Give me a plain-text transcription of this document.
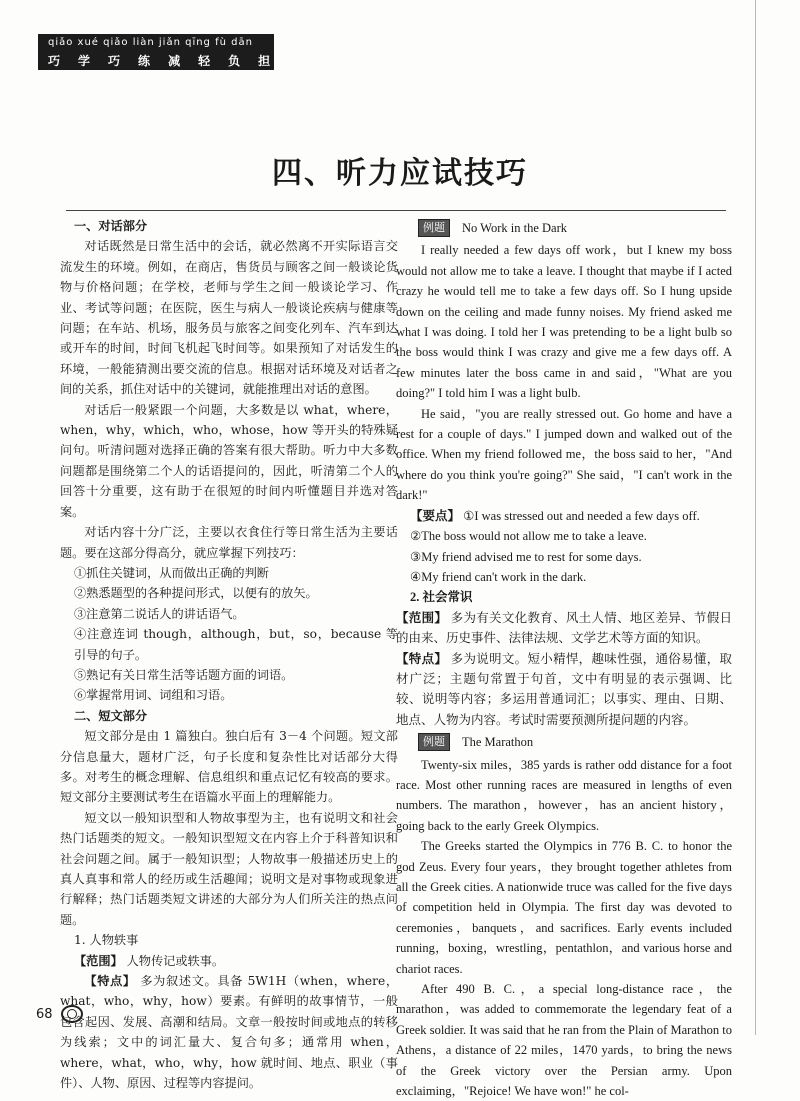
qiǎo xué qiǎo liàn jiǎn qīng fù dān
巧 学 巧 练 减 轻 负 担
四、听力应试技巧
一、对话部分

对话既然是日常生活中的会话，就必然离不开实际语言交流发生的环境。例如，在商店，售货员与顾客之间一般谈论货物与价格问题；在学校，老师与学生之间一般谈论学习、作业、考试等问题；在医院，医生与病人一般谈论疾病与健康等问题；在车站、机场，服务员与旅客之间变化列车、汽车到达或开车的时间，时间飞机起飞时间等。如果预知了对话发生的环境，一般能猜测出要交流的信息。根据对话环境及对话者之间的关系，抓住对话中的关键词，就能推理出对话的意图。

对话后一般紧跟一个问题，大多数是以 what，where，when，why，which，who，whose，how 等开头的特殊疑问句。听清问题对选择正确的答案有很大帮助。听力中大多数问题都是围绕第二个人的话语提问的，因此，听清第二个人的回答十分重要，这有助于在很短的时间内听懂题目并选对答案。

对话内容十分广泛，主要以衣食住行等日常生活为主要话题。要在这部分得高分，就应掌握下列技巧：

①抓住关键词，从而做出正确的判断

②熟悉题型的各种提问形式，以便有的放矢。

③注意第二说话人的讲话语气。

④注意连词 though，although，but，so，because 等引导的句子。

⑤熟记有关日常生活等话题方面的词语。

⑥掌握常用词、词组和习语。

二、短文部分

短文部分是由 1 篇独白。独白后有 3－4 个问题。短文部分信息量大，题材广泛，句子长度和复杂性比对话部分大得多。对考生的概念理解、信息组织和重点记忆有较高的要求。短文部分主要测试考生在语篇水平面上的理解能力。

短文以一般知识型和人物故事型为主，也有说明文和社会热门话题类的短文。一般知识型短文在内容上介于科普知识和社会问题之间。属于一般知识型；人物故事一般描述历史上的真人真事和常人的经历或生活趣闻；说明文是对事物或现象进行解释；热门话题类短文讲述的大部分为人们所关注的热点问题。

1. 人物轶事

【范围】 人物传记或轶事。

【特点】 多为叙述文。具备 5W1H（when，where，what，who，why，how）要素。有鲜明的故事情节，一般包含起因、发展、高潮和结局。文章一般按时间或地点的转移为线索；文中的词汇量大、复合句多；通常用 when，where，what，who，why，how 就时间、地点、职业（事件）、人物、原因、过程等内容提问。

例题	No Work in the Dark

I really needed a few days off work，but I knew my boss would not allow me to take a leave. I thought that maybe if I acted crazy he would tell me to take a few days off. So I hung upside down on the ceiling and made funny noises. My friend asked me what I was doing. I told her I was pretending to be a light bulb so the boss would think I was crazy and give me a few days off. A few minutes later the boss came in and said，"What are you doing?" I told him I was a light bulb.

He said，"you are really stressed out. Go home and have a rest for a couple of days." I jumped down and walked out of the office. When my friend followed me，the boss said to her，"And where do you think you're going?" She said，"I can't work in the dark!"

【要点】 ①I was stressed out and needed a few days off.

②The boss would not allow me to take a leave.

③My friend advised me to rest for some days.

④My friend can't work in the dark.

2. 社会常识

【范围】 多为有关文化教育、风土人情、地区差异、节假日的由来、历史事件、法律法规、文学艺术等方面的知识。

【特点】 多为说明文。短小精悍，趣味性强，通俗易懂，取材广泛；主题句常置于句首，文中有明显的表示强调、比较、说明等内容；多运用普通词汇；以事实、理由、日期、地点、人物为内容。考试时需要预测所提问题的内容。

例题	The Marathon

Twenty-six miles，385 yards is rather odd distance for a foot race. Most other running races are measured in lengths of even numbers. The marathon，however，has an ancient history，going back to the early Greek Olympics.

The Greeks started the Olympics in 776 B. C. to honor the god Zeus. Every four years，they brought together athletes from all the Greek cities. A nationwide truce was called for the five days of competition held in Olympia. The first day was devoted to ceremonies，banquets，and sacrifices. Early events included running，boxing，wrestling，pentathlon，and various horse and chariot races.

After 490 B. C.，a special long-distance race，the marathon，was added to commemorate the legendary feat of a Greek soldier. It was said that he ran from the Plain of Marathon to Athens，a distance of 22 miles，1470 yards，to bring the news of the Greek victory over the Persian army. Upon exclaiming，"Rejoice! We have won!" he col-

68
